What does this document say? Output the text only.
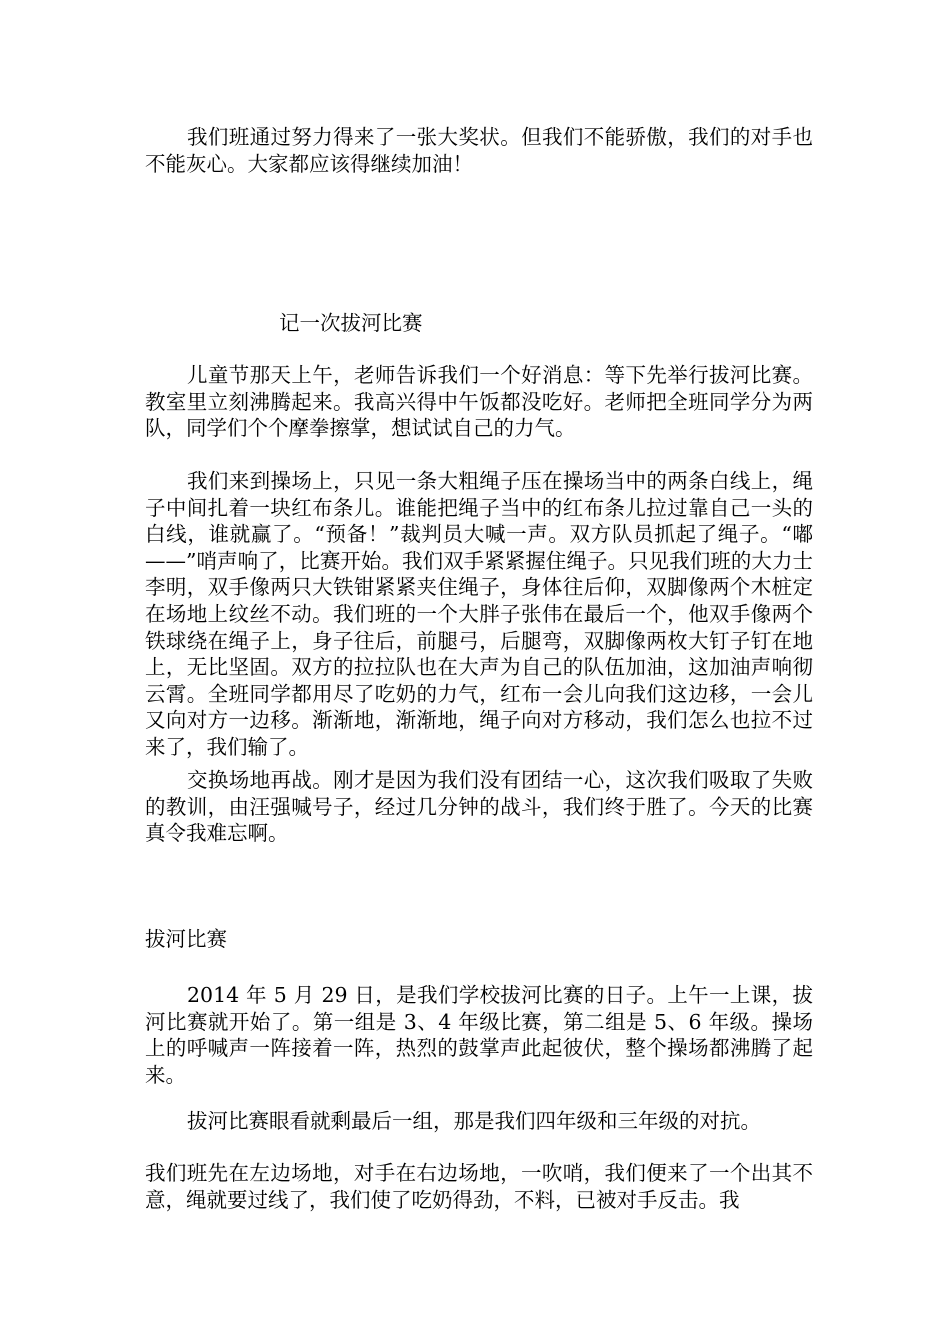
我们班通过努力得来了一张大奖状。但我们不能骄傲，我们的对手也不能灰心。大家都应该得继续加油！

记一次拔河比赛

儿童节那天上午，老师告诉我们一个好消息：等下先举行拔河比赛。教室里立刻沸腾起来。我高兴得中午饭都没吃好。老师把全班同学分为两队，同学们个个摩拳擦掌，想试试自己的力气。

我们来到操场上，只见一条大粗绳子压在操场当中的两条白线上，绳子中间扎着一块红布条儿。谁能把绳子当中的红布条儿拉过靠自己一头的白线，谁就赢了。“预备！”裁判员大喊一声。双方队员抓起了绳子。“嘟——”哨声响了，比赛开始。我们双手紧紧握住绳子。只见我们班的大力士李明，双手像两只大铁钳紧紧夹住绳子，身体往后仰，双脚像两个木桩定在场地上纹丝不动。我们班的一个大胖子张伟在最后一个，他双手像两个铁球绕在绳子上，身子往后，前腿弓，后腿弯，双脚像两枚大钉子钉在地上，无比坚固。双方的拉拉队也在大声为自己的队伍加油，这加油声响彻云霄。全班同学都用尽了吃奶的力气，红布一会儿向我们这边移，一会儿又向对方一边移。渐渐地，渐渐地，绳子向对方移动，我们怎么也拉不过来了，我们输了。

交换场地再战。刚才是因为我们没有团结一心，这次我们吸取了失败的教训，由汪强喊号子，经过几分钟的战斗，我们终于胜了。今天的比赛真令我难忘啊。

拔河比赛

2014 年 5 月 29 日，是我们学校拔河比赛的日子。上午一上课，拔河比赛就开始了。第一组是 3、4 年级比赛，第二组是 5、6 年级。操场上的呼喊声一阵接着一阵，热烈的鼓掌声此起彼伏，整个操场都沸腾了起来。

拔河比赛眼看就剩最后一组，那是我们四年级和三年级的对抗。

我们班先在左边场地，对手在右边场地，一吹哨，我们便来了一个出其不意，绳就要过线了，我们使了吃奶得劲，不料，已被对手反击。我
